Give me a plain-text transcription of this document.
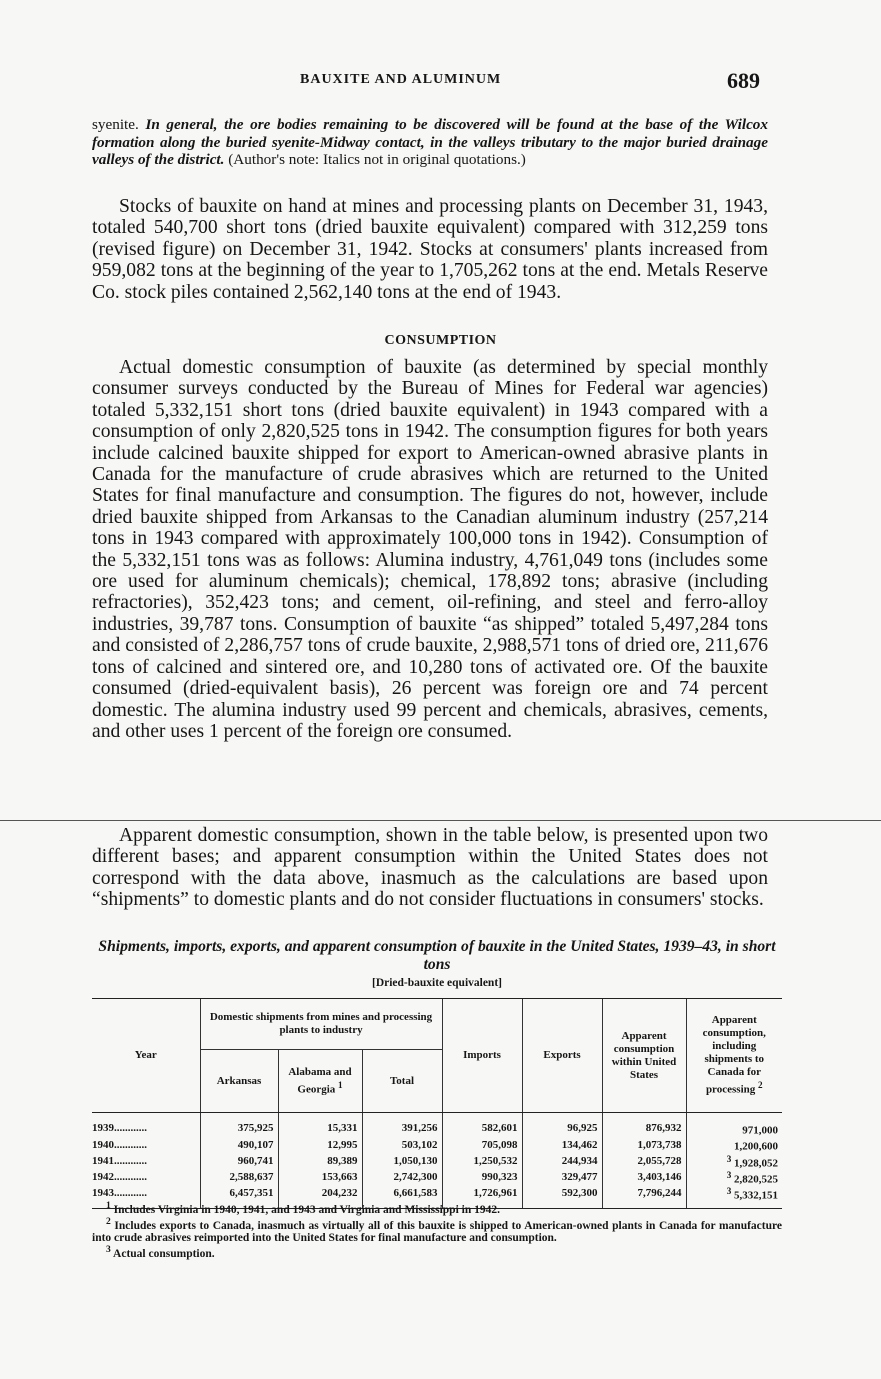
BAUXITE AND ALUMINUM	689
syenite. In general, the ore bodies remaining to be discovered will be found at the base of the Wilcox formation along the buried syenite-Midway contact, in the valleys tributary to the major buried drainage valleys of the district. (Author's note: Italics not in original quotations.)
Stocks of bauxite on hand at mines and processing plants on December 31, 1943, totaled 540,700 short tons (dried bauxite equivalent) compared with 312,259 tons (revised figure) on December 31, 1942. Stocks at consumers' plants increased from 959,082 tons at the beginning of the year to 1,705,262 tons at the end. Metals Reserve Co. stock piles contained 2,562,140 tons at the end of 1943.
CONSUMPTION
Actual domestic consumption of bauxite (as determined by special monthly consumer surveys conducted by the Bureau of Mines for Federal war agencies) totaled 5,332,151 short tons (dried bauxite equivalent) in 1943 compared with a consumption of only 2,820,525 tons in 1942. The consumption figures for both years include calcined bauxite shipped for export to American-owned abrasive plants in Canada for the manufacture of crude abrasives which are returned to the United States for final manufacture and consumption. The figures do not, however, include dried bauxite shipped from Arkansas to the Canadian aluminum industry (257,214 tons in 1943 compared with approximately 100,000 tons in 1942). Consumption of the 5,332,151 tons was as follows: Alumina industry, 4,761,049 tons (includes some ore used for aluminum chemicals); chemical, 178,892 tons; abrasive (including refractories), 352,423 tons; and cement, oil-refining, and steel and ferro-alloy industries, 39,787 tons. Consumption of bauxite “as shipped” totaled 5,497,284 tons and consisted of 2,286,757 tons of crude bauxite, 2,988,571 tons of dried ore, 211,676 tons of calcined and sintered ore, and 10,280 tons of activated ore. Of the bauxite consumed (dried-equivalent basis), 26 percent was foreign ore and 74 percent domestic. The alumina industry used 99 percent and chemicals, abrasives, cements, and other uses 1 percent of the foreign ore consumed.
Apparent domestic consumption, shown in the table below, is presented upon two different bases; and apparent consumption within the United States does not correspond with the data above, inasmuch as the calculations are based upon “shipments” to domestic plants and do not consider fluctuations in consumers' stocks.
Shipments, imports, exports, and apparent consumption of bauxite in the United States, 1939–43, in short tons
[Dried-bauxite equivalent]
Year	Domestic shipments from mines and processing plants to industry			Imports	Exports	Apparent consumption within United States	Apparent consumption, including shipments to Canada for processing $^2$
	Arkansas	Alabama and Georgia $^1$	Total				
1939............	375,925	15,331	391,256	582,601	96,925	876,932	971,000
1940............	490,107	12,995	503,102	705,098	134,462	1,073,738	1,200,600
1941............	960,741	89,389	1,050,130	1,250,532	244,934	2,055,728	$^3$ 1,928,052
1942............	2,588,637	153,663	2,742,300	990,323	329,477	3,403,146	$^3$ 2,820,525
1943............	6,457,351	204,232	6,661,583	1,726,961	592,300	7,796,244	$^3$ 5,332,151

$^1$ Includes Virginia in 1940, 1941, and 1943 and Virginia and Mississippi in 1942.

$^2$ Includes exports to Canada, inasmuch as virtually all of this bauxite is shipped to American-owned plants in Canada for manufacture into crude abrasives reimported into the United States for final manufacture and consumption.

$^3$ Actual consumption.
